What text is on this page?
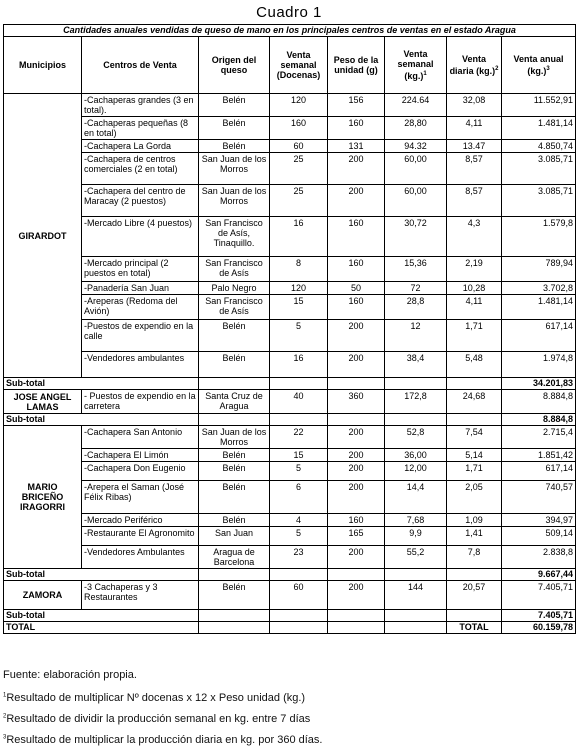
Cuadro 1
Cantidades anuales vendidas de queso de mano en los principales centros de ventas en el estado Aragua							
Municipios	Centros de Venta	Origen del queso	Venta semanal (Docenas)	Peso de la unidad (g)	Venta semanal $(kg.)^1$	Venta diaria $(kg.)^2$	Venta anual $(kg.)^3$
GIRARDOT	-Cachaperas grandes (3 en total).	Belén	120	156	224.64	32,08	11.552,91
	-Cachaperas pequeñas (8 en total)	Belén	160	160	28,80	4,11	1.481,14
	-Cachapera La Gorda	Belén	60	131	94.32	13.47	4.850,74
	-Cachapera de centros comerciales (2 en total)	San Juan de los Morros	25	200	60,00	8,57	3.085,71
	-Cachapera del centro de Maracay (2 puestos)	San Juan de los Morros	25	200	60,00	8,57	3.085,71
	-Mercado Libre (4 puestos)	San Francisco de Asís, Tinaquillo.	16	160	30,72	4,3	1.579,8
	-Mercado principal (2 puestos en total)	San Francisco de Asís	8	160	15,36	2,19	789,94
	-Panadería San Juan	Palo Negro	120	50	72	10,28	3.702,8
	-Areperas (Redoma del Avión)	San Francisco de Asís	15	160	28,8	4,11	1.481,14
	-Puestos de expendio en la calle	Belén	5	200	12	1,71	617,14
	-Vendedores ambulantes	Belén	16	200	38,4	5,48	1.974,8
Sub-total							34.201,83
JOSE ANGEL LAMAS	- Puestos de expendio en la carretera	Santa Cruz de Aragua	40	360	172,8	24,68	8.884,8
Sub-total							8.884,8
MARIO BRICEÑO IRAGORRI	-Cachapera San Antonio	San Juan de los Morros	22	200	52,8	7,54	2.715,4
	-Cachapera El Limón	Belén	15	200	36,00	5,14	1.851,42
	-Cachapera Don Eugenio	Belén	5	200	12,00	1,71	617,14
	-Arepera el Saman (José Félix Ribas)	Belén	6	200	14,4	2,05	740,57
	-Mercado Periférico	Belén	4	160	7,68	1,09	394,97
	-Restaurante El Agronomito	San Juan	5	165	9,9	1,41	509,14
	-Vendedores Ambulantes	Aragua de Barcelona	23	200	55,2	7,8	2.838,8
Sub-total							9.667,44
ZAMORA	-3 Cachaperas y 3 Restaurantes	Belén	60	200	144	20,57	7.405,71
Sub-total							7.405,71
TOTAL						TOTAL	60.159,78
Fuente: elaboración propia.
$^1$Resultado de multiplicar Nº docenas x 12 x Peso unidad (kg.)
$^2$Resultado de dividir la producción semanal en kg. entre 7 días
$^3$Resultado de multiplicar la producción diaria en kg. por 360 días.
